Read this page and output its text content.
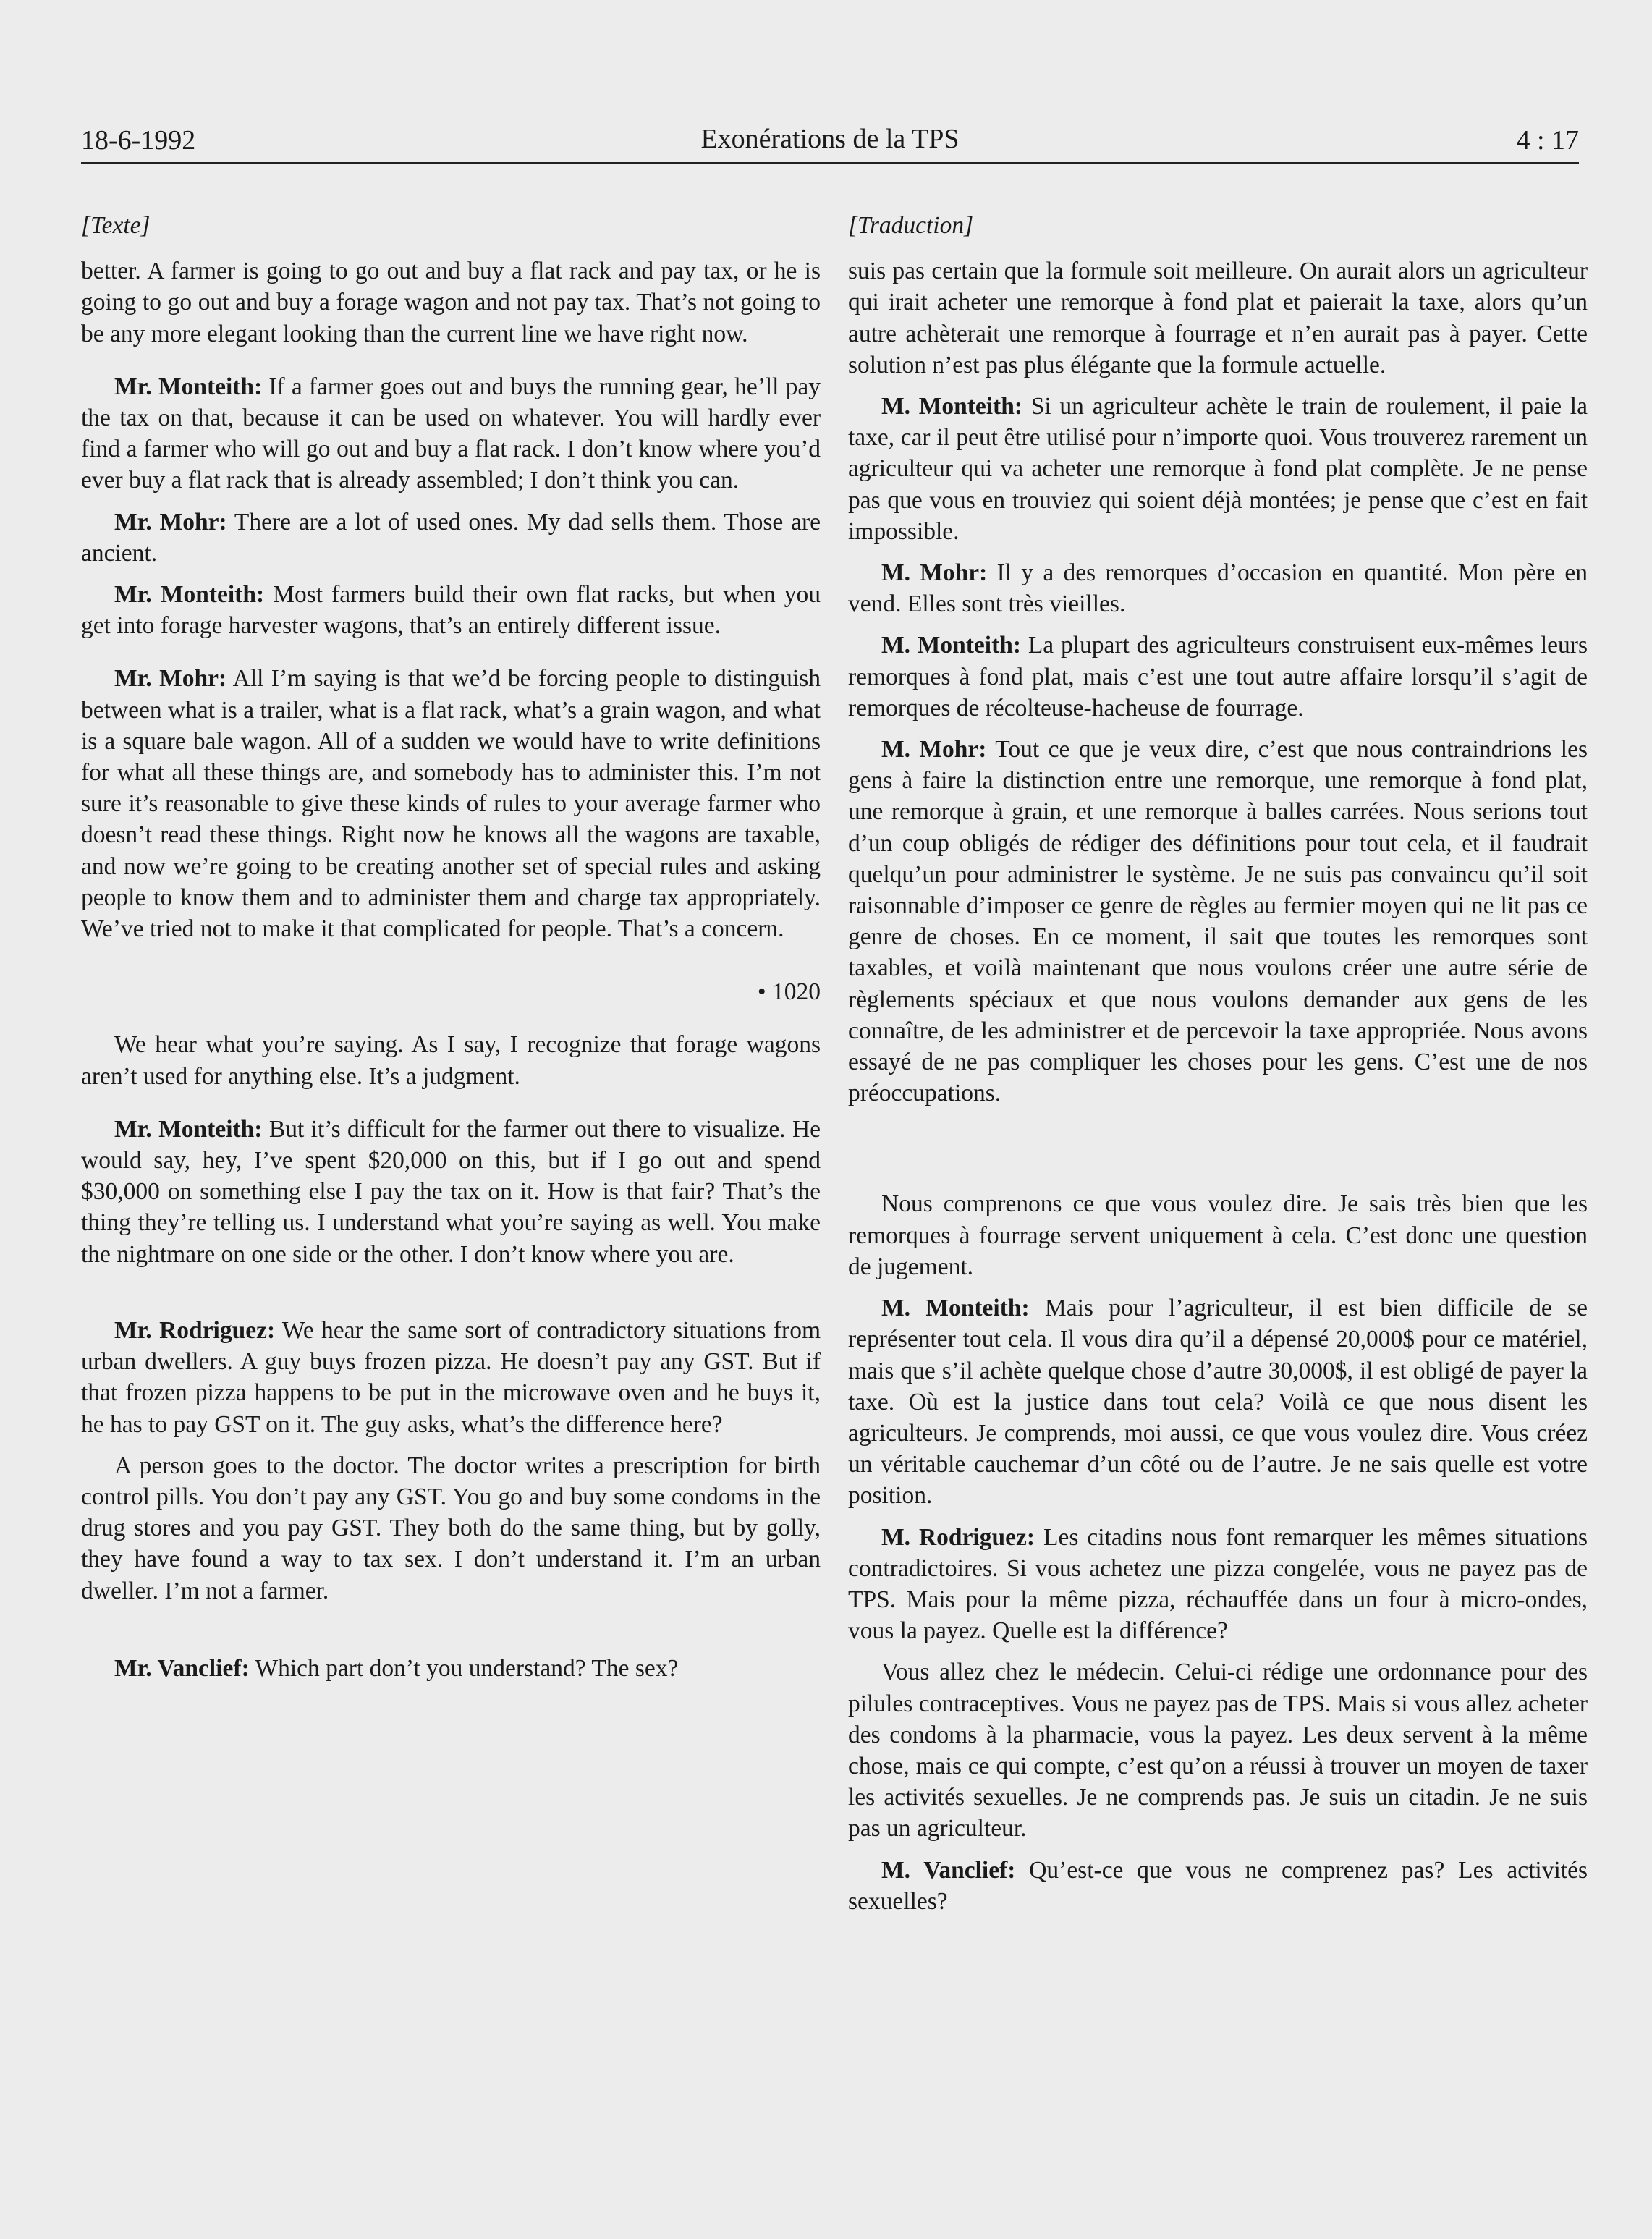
18-6-1992	Exonérations de la TPS	4 : 17
[Texte]

better. A farmer is going to go out and buy a flat rack and pay tax, or he is going to go out and buy a forage wagon and not pay tax. That’s not going to be any more elegant looking than the current line we have right now.

Mr. Monteith: If a farmer goes out and buys the running gear, he’ll pay the tax on that, because it can be used on whatever. You will hardly ever find a farmer who will go out and buy a flat rack. I don’t know where you’d ever buy a flat rack that is already assembled; I don’t think you can.

Mr. Mohr: There are a lot of used ones. My dad sells them. Those are ancient.

Mr. Monteith: Most farmers build their own flat racks, but when you get into forage harvester wagons, that’s an entirely different issue.

Mr. Mohr: All I’m saying is that we’d be forcing people to distinguish between what is a trailer, what is a flat rack, what’s a grain wagon, and what is a square bale wagon. All of a sudden we would have to write definitions for what all these things are, and somebody has to administer this. I’m not sure it’s reasonable to give these kinds of rules to your average farmer who doesn’t read these things. Right now he knows all the wagons are taxable, and now we’re going to be creating another set of special rules and asking people to know them and to administer them and charge tax appropriately. We’ve tried not to make it that complicated for people. That’s a concern.

• 1020

We hear what you’re saying. As I say, I recognize that forage wagons aren’t used for anything else. It’s a judgment.

Mr. Monteith: But it’s difficult for the farmer out there to visualize. He would say, hey, I’ve spent $20,000 on this, but if I go out and spend $30,000 on something else I pay the tax on it. How is that fair? That’s the thing they’re telling us. I understand what you’re saying as well. You make the nightmare on one side or the other. I don’t know where you are.

Mr. Rodriguez: We hear the same sort of contradictory situations from urban dwellers. A guy buys frozen pizza. He doesn’t pay any GST. But if that frozen pizza happens to be put in the microwave oven and he buys it, he has to pay GST on it. The guy asks, what’s the difference here?

A person goes to the doctor. The doctor writes a prescription for birth control pills. You don’t pay any GST. You go and buy some condoms in the drug stores and you pay GST. They both do the same thing, but by golly, they have found a way to tax sex. I don’t understand it. I’m an urban dweller. I’m not a farmer.

Mr. Vanclief: Which part don’t you understand? The sex?

[Traduction]

suis pas certain que la formule soit meilleure. On aurait alors un agriculteur qui irait acheter une remorque à fond plat et paierait la taxe, alors qu’un autre achèterait une remorque à fourrage et n’en aurait pas à payer. Cette solution n’est pas plus élégante que la formule actuelle.

M. Monteith: Si un agriculteur achète le train de roulement, il paie la taxe, car il peut être utilisé pour n’importe quoi. Vous trouverez rarement un agriculteur qui va acheter une remorque à fond plat complète. Je ne pense pas que vous en trouviez qui soient déjà montées; je pense que c’est en fait impossible.

M. Mohr: Il y a des remorques d’occasion en quantité. Mon père en vend. Elles sont très vieilles.

M. Monteith: La plupart des agriculteurs construisent eux-mêmes leurs remorques à fond plat, mais c’est une tout autre affaire lorsqu’il s’agit de remorques de récolteuse-hacheuse de fourrage.

M. Mohr: Tout ce que je veux dire, c’est que nous contraindrions les gens à faire la distinction entre une remorque, une remorque à fond plat, une remorque à grain, et une remorque à balles carrées. Nous serions tout d’un coup obligés de rédiger des définitions pour tout cela, et il faudrait quelqu’un pour administrer le système. Je ne suis pas convaincu qu’il soit raisonnable d’imposer ce genre de règles au fermier moyen qui ne lit pas ce genre de choses. En ce moment, il sait que toutes les remorques sont taxables, et voilà maintenant que nous voulons créer une autre série de règlements spéciaux et que nous voulons demander aux gens de les connaître, de les administrer et de percevoir la taxe appropriée. Nous avons essayé de ne pas compliquer les choses pour les gens. C’est une de nos préoccupations.

Nous comprenons ce que vous voulez dire. Je sais très bien que les remorques à fourrage servent uniquement à cela. C’est donc une question de jugement.

M. Monteith: Mais pour l’agriculteur, il est bien difficile de se représenter tout cela. Il vous dira qu’il a dépensé 20,000$ pour ce matériel, mais que s’il achète quelque chose d’autre 30,000$, il est obligé de payer la taxe. Où est la justice dans tout cela? Voilà ce que nous disent les agriculteurs. Je comprends, moi aussi, ce que vous voulez dire. Vous créez un véritable cauchemar d’un côté ou de l’autre. Je ne sais quelle est votre position.

M. Rodriguez: Les citadins nous font remarquer les mêmes situations contradictoires. Si vous achetez une pizza congelée, vous ne payez pas de TPS. Mais pour la même pizza, réchauffée dans un four à micro-ondes, vous la payez. Quelle est la différence?

Vous allez chez le médecin. Celui-ci rédige une ordonnance pour des pilules contraceptives. Vous ne payez pas de TPS. Mais si vous allez acheter des condoms à la pharmacie, vous la payez. Les deux servent à la même chose, mais ce qui compte, c’est qu’on a réussi à trouver un moyen de taxer les activités sexuelles. Je ne comprends pas. Je suis un citadin. Je ne suis pas un agriculteur.

M. Vanclief: Qu’est-ce que vous ne comprenez pas? Les activités sexuelles?
